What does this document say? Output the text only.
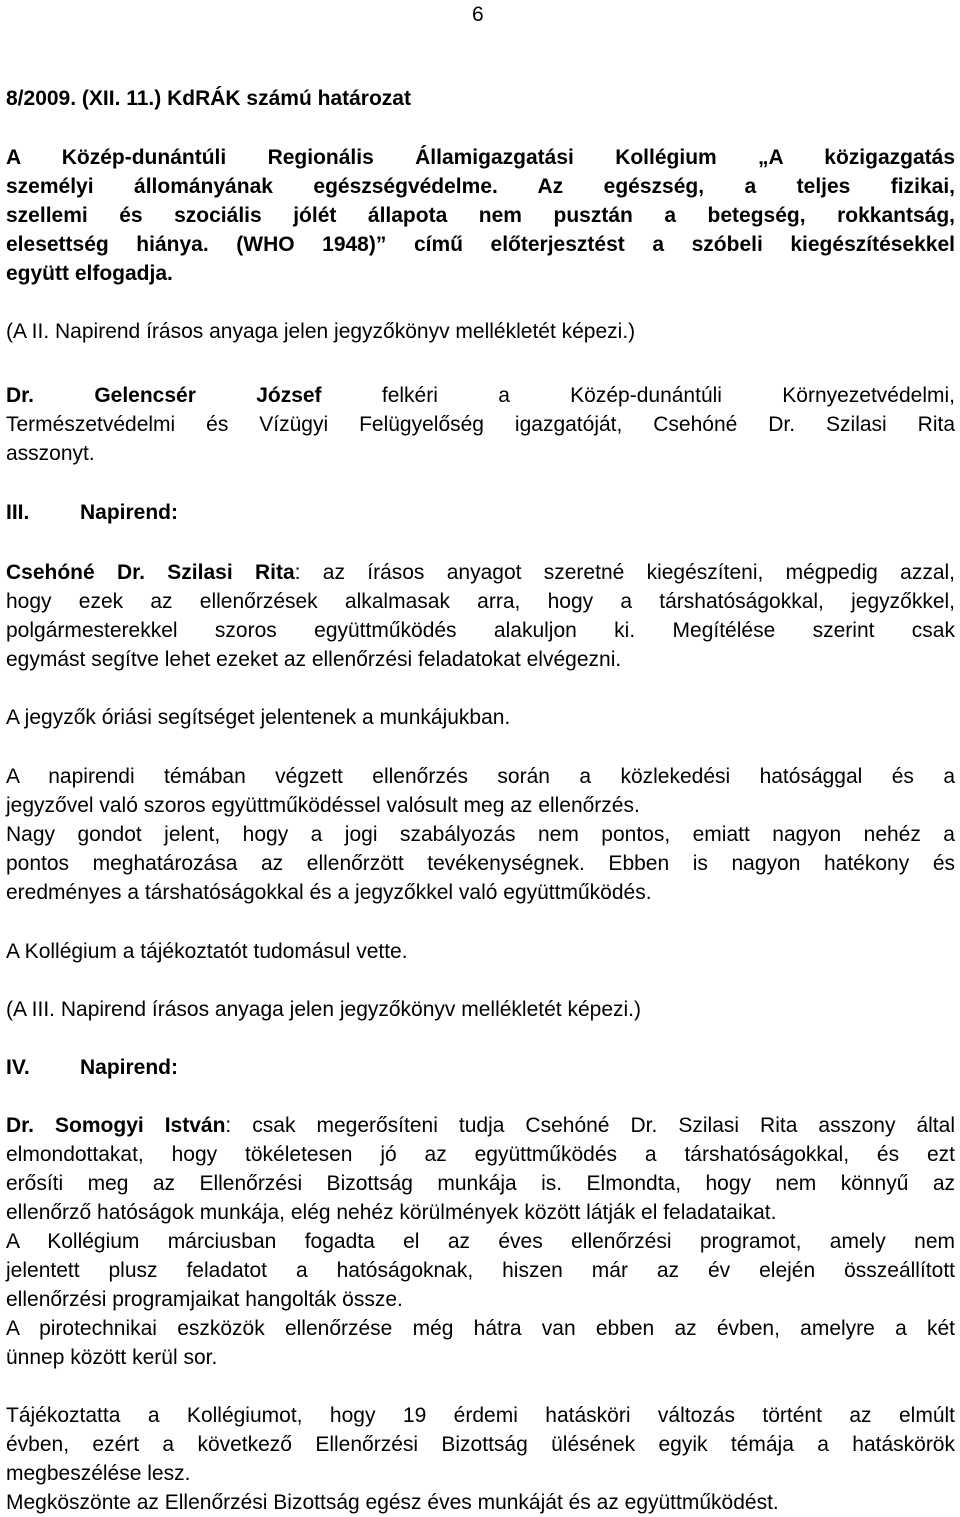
6
8/2009. (XII. 11.) KdRÁK számú határozat
A Közép-dunántúli Regionális Államigazgatási Kollégium „A közigazgatás
személyi állományának egészségvédelme. Az egészség, a teljes fizikai,
szellemi és szociális jólét állapota nem pusztán a betegség, rokkantság,
elesettség hiánya. (WHO 1948)” című előterjesztést a szóbeli kiegészítésekkel
együtt elfogadja.
(A II. Napirend írásos anyaga jelen jegyzőkönyv mellékletét képezi.)
Dr. Gelencsér József felkéri a Közép-dunántúli Környezetvédelmi,
Természetvédelmi és Vízügyi Felügyelőség igazgatóját, Csehóné Dr. Szilasi Rita
asszonyt.
III. Napirend:
Csehóné Dr. Szilasi Rita: az írásos anyagot szeretné kiegészíteni, mégpedig azzal,
hogy ezek az ellenőrzések alkalmasak arra, hogy a társhatóságokkal, jegyzőkkel,
polgármesterekkel szoros együttműködés alakuljon ki. Megítélése szerint csak
egymást segítve lehet ezeket az ellenőrzési feladatokat elvégezni.
A jegyzők óriási segítséget jelentenek a munkájukban.
A napirendi témában végzett ellenőrzés során a közlekedési hatósággal és a
jegyzővel való szoros együttműködéssel valósult meg az ellenőrzés.
Nagy gondot jelent, hogy a jogi szabályozás nem pontos, emiatt nagyon nehéz a
pontos meghatározása az ellenőrzött tevékenységnek. Ebben is nagyon hatékony és
eredményes a társhatóságokkal és a jegyzőkkel való együttműködés.
A Kollégium a tájékoztatót tudomásul vette.
(A III. Napirend írásos anyaga jelen jegyzőkönyv mellékletét képezi.)
IV. Napirend:
Dr. Somogyi István: csak megerősíteni tudja Csehóné Dr. Szilasi Rita asszony által
elmondottakat, hogy tökéletesen jó az együttműködés a társhatóságokkal, és ezt
erősíti meg az Ellenőrzési Bizottság munkája is. Elmondta, hogy nem könnyű az
ellenőrző hatóságok munkája, elég nehéz körülmények között látják el feladataikat.
A Kollégium márciusban fogadta el az éves ellenőrzési programot, amely nem
jelentett plusz feladatot a hatóságoknak, hiszen már az év elején összeállított
ellenőrzési programjaikat hangolták össze.
A pirotechnikai eszközök ellenőrzése még hátra van ebben az évben, amelyre a két
ünnep között kerül sor.
Tájékoztatta a Kollégiumot, hogy 19 érdemi hatásköri változás történt az elmúlt
évben, ezért a következő Ellenőrzési Bizottság ülésének egyik témája a hatáskörök
megbeszélése lesz.
Megköszönte az Ellenőrzési Bizottság egész éves munkáját és az együttműködést.
